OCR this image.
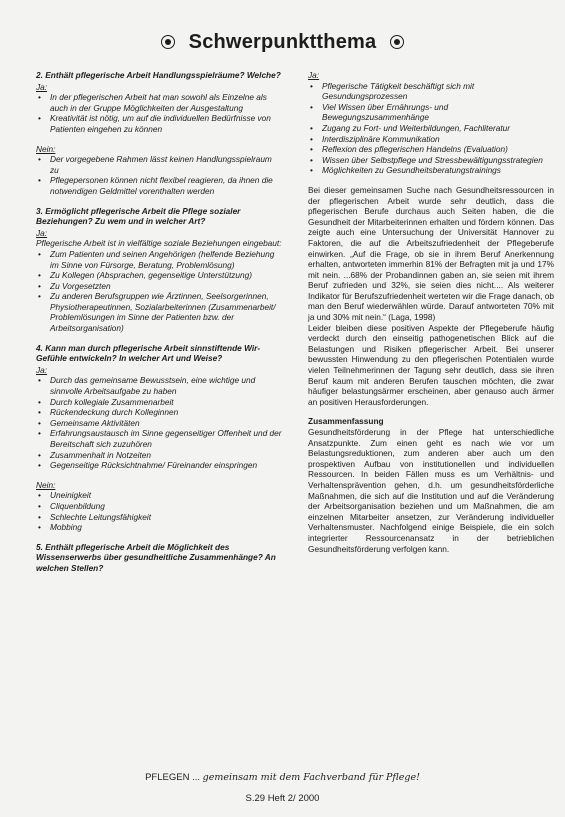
Schwerpunktthema

2. Enthält pflegerische Arbeit Handlungsspielräume? Welche?

Ja:

• In der pflegerischen Arbeit hat man sowohl als Einzelne als auch in der Gruppe Möglichkeiten der Ausgestaltung
• Kreativität ist nötig, um auf die individuellen Bedürfnisse von Patienten eingehen zu können

Nein:

• Der vorgegebene Rahmen lässt keinen Handlungsspielraum zu
• Pflegepersonen können nicht flexibel reagieren, da ihnen die notwendigen Geldmittel vorenthalten werden

3. Ermöglicht pflegerische Arbeit die Pflege sozialer Beziehungen? Zu wem und in welcher Art?

Ja:

Pflegerische Arbeit ist in vielfältige soziale Beziehungen eingebaut:

• Zum Patienten und seinen Angehörigen (helfende Beziehung im Sinne von Fürsorge, Beratung, Problemlösung)
• Zu Kollegen (Absprachen, gegenseitige Unterstützung)
• Zu Vorgesetzten
• Zu anderen Berufsgruppen wie Ärztinnen, Seelsorgerinnen, Physiotherapeutinnen, Sozialarbeiterinnen (Zusammenarbeit/ Problemlösungen im Sinne der Patienten bzw. der Arbeitsorganisation)

4. Kann man durch pflegerische Arbeit sinnstiftende Wir-Gefühle entwickeln? In welcher Art und Weise?

Ja:

• Durch das gemeinsame Bewusstsein, eine wichtige und sinnvolle Arbeitsaufgabe zu haben
• Durch kollegiale Zusammenarbeit
• Rückendeckung durch Kolleginnen
• Gemeinsame Aktivitäten
• Erfahrungsaustausch im Sinne gegenseitiger Offenheit und der Bereitschaft sich zuzuhören
• Zusammenhalt in Notzeiten
• Gegenseitige Rücksichtnahme/ Füreinander einspringen

Nein:

• Uneinigkeit
• Cliquenbildung
• Schlechte Leitungsfähigkeit
• Mobbing

5. Enthält pflegerische Arbeit die Möglichkeit des Wissenserwerbs über gesundheitliche Zusammenhänge? An welchen Stellen?

Ja:

• Pflegerische Tätigkeit beschäftigt sich mit Gesundungsprozessen
• Viel Wissen über Ernährungs- und Bewegungszusammenhänge
• Zugang zu Fort- und Weiterbildungen, Fachliteratur
• Interdisziplinäre Kommunikation
• Reflexion des pflegerischen Handelns (Evaluation)
• Wissen über Selbstpflege und Stressbewältigungsstrategien
• Möglichkeiten zu Gesundheitsberatungstrainings

Bei dieser gemeinsamen Suche nach Gesundheitsressourcen in der pflegerischen Arbeit wurde sehr deutlich, dass die pflegerischen Berufe durchaus auch Seiten haben, die die Gesundheit der Mitarbeiterinnen erhalten und fördern können. Das zeigte auch eine Untersuchung der Universität Hannover zu Faktoren, die auf die Arbeitszufriedenheit der Pflegeberufe einwirken. „Auf die Frage, ob sie in ihrem Beruf Anerkennung erhalten, antworteten immerhin 81% der Befragten mit ja und 17% mit nein. ...68% der Probandinnen gaben an, sie seien mit ihrem Beruf zufrieden und 32%, sie seien dies nicht.... Als weiterer Indikator für Berufszufriedenheit werteten wir die Frage danach, ob man den Beruf wiederwählen würde. Darauf antworteten 70% mit ja und 30% mit nein.“ (Laga, 1998)

Leider bleiben diese positiven Aspekte der Pflegeberufe häufig verdeckt durch den einseitig pathogenetischen Blick auf die Belastungen und Risiken pflegerischer Arbeit. Bei unserer bewussten Hinwendung zu den pflegerischen Potentialen wurde vielen Teilnehmerinnen der Tagung sehr deutlich, dass sie ihren Beruf kaum mit anderen Berufen tauschen möchten, die zwar häufiger belastungsärmer erscheinen, aber genauso auch ärmer an positiven Herausforderungen.

Zusammenfassung

Gesundheitsförderung in der Pflege hat unterschiedliche Ansatzpunkte. Zum einen geht es nach wie vor um Belastungsreduktionen, zum anderen aber auch um den prospektiven Aufbau von institutionellen und individuellen Ressourcen. In beiden Fällen muss es um Verhältnis- und Verhaltensprävention gehen, d.h. um gesundheitsförderliche Maßnahmen, die sich auf die Institution und auf die Veränderung der Arbeitsorganisation beziehen und um Maßnahmen, die am einzelnen Mitarbeiter ansetzen, zur Veränderung individueller Verhaltensmuster. Nachfolgend einige Beispiele, die ein solch integrierter Ressourcenansatz in der betrieblichen Gesundheitsförderung verfolgen kann.

PFLEGEN ... gemeinsam mit dem Fachverband für Pflege!
S.29 Heft 2/ 2000
